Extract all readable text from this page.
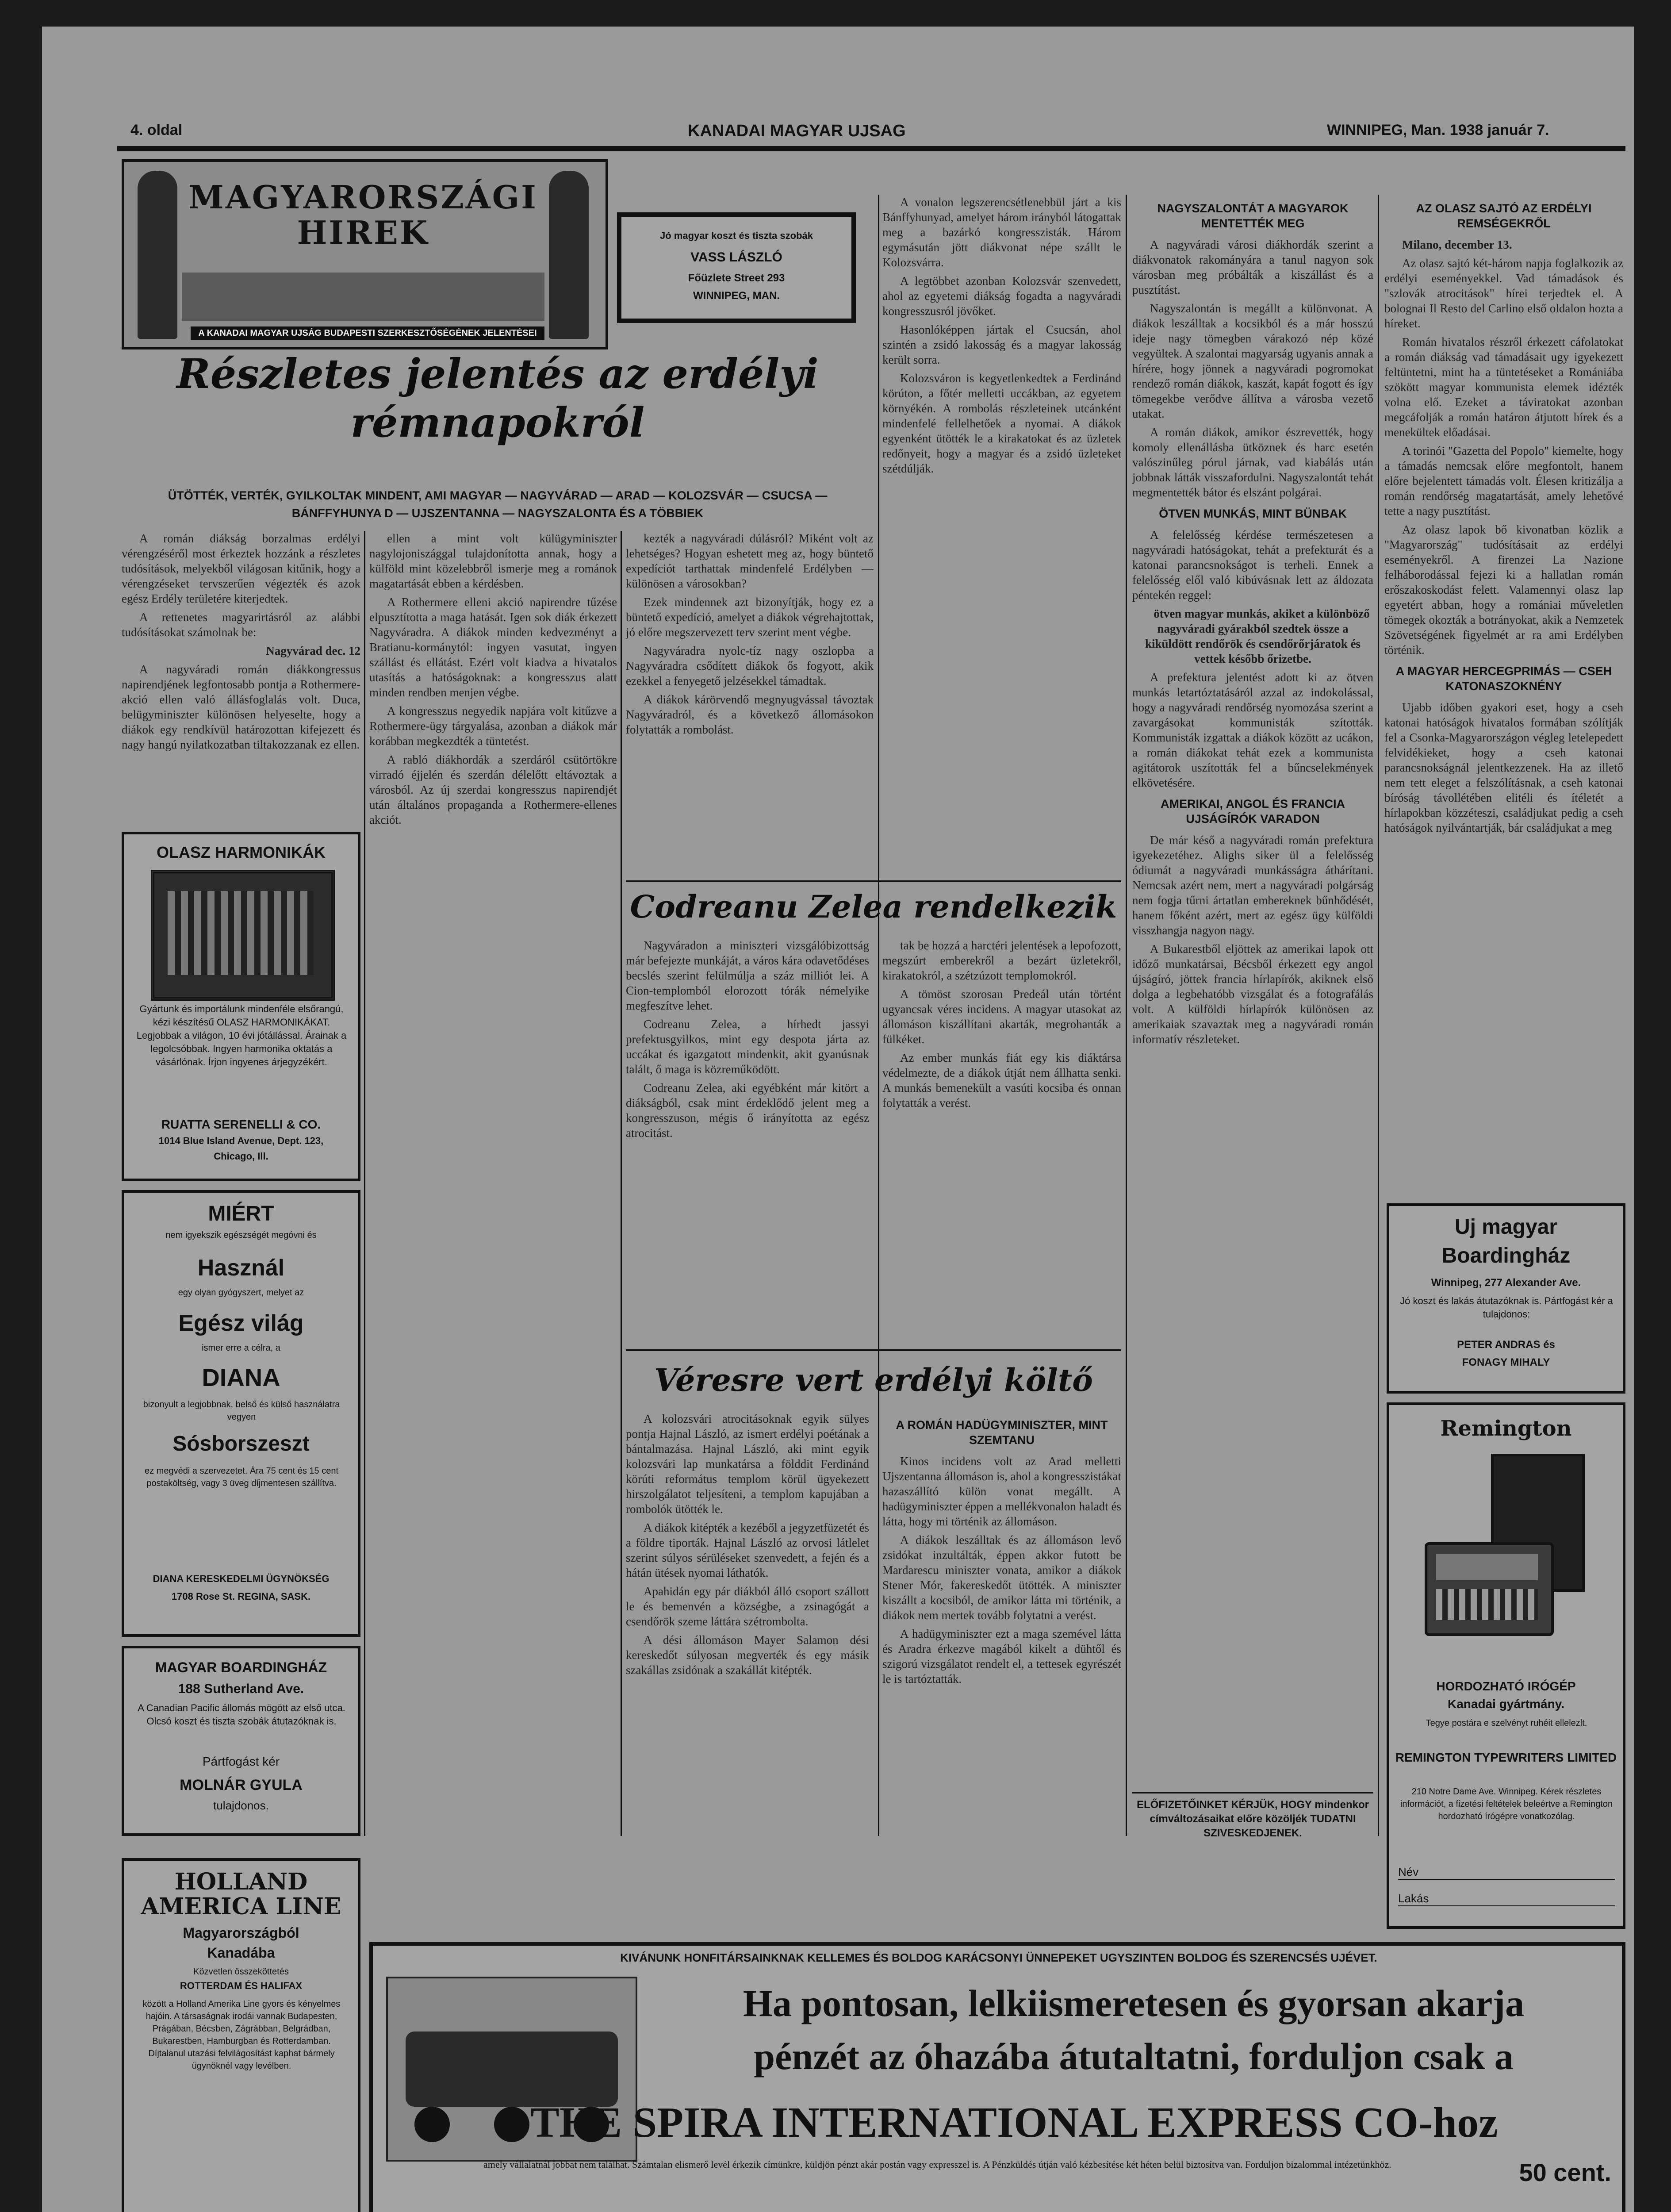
4. oldal	KANADAI MAGYAR UJSAG	WINNIPEG, Man. 1938 január 7.
MAGYARORSZÁGI HIREK
A KANADAI MAGYAR UJSÁG BUDAPESTI SZERKESZTŐSÉGÉNEK JELENTÉSEI
Jó magyar koszt és tiszta szobák
VASS LÁSZLÓ
Főüzlete Street 293
WINNIPEG, MAN.
Részletes jelentés az erdélyi rémnapokról
ÜTÖTTÉK, VERTÉK, GYILKOLTAK MINDENT, AMI MAGYAR — NAGYVÁRAD — ARAD — KOLOZSVÁR — CSUCSA — BÁNFFYHUNYA D — UJSZENTANNA — NAGYSZALONTA ÉS A TÖBBIEK

A román diákság borzalmas erdélyi vérengzéséről most érkeztek hozzánk a részletes tudósítások, melyekből világosan kitűnik, hogy a vérengzéseket tervszerűen végezték és azok egész Erdély területére kiterjedtek.

A rettenetes magyarirtásról az alábbi tudósításokat számolnak be:

Nagyvárad dec. 12

A nagyváradi román diákkongressus napirendjének legfontosabb pontja a Rothermere-akció ellen való állásfoglalás volt. Duca, belügyminiszter különösen helyeselte, hogy a diákok egy rendkívül határozottan kifejezett és nagy hangú nyilatkozatban tiltakozzanak ez ellen.

ellen a mint volt külügyminiszter nagylojoniszággal tulajdonította annak, hogy a külföld mint közelebbről ismerje meg a románok magatartását ebben a kérdésben.

A Rothermere elleni akció napirendre tűzése elpusztította a maga hatását. Igen sok diák érkezett Nagyváradra. A diákok minden kedvezményt a Bratianu-kormánytól: ingyen vasutat, ingyen szállást és ellátást. Ezért volt kiadva a hivatalos utasítás a hatóságoknak: a kongresszus alatt minden rendben menjen végbe.

A kongresszus negyedik napjára volt kitűzve a Rothermere-ügy tárgyalása, azonban a diákok már korábban megkezdték a tüntetést.

A rabló diákhordák a szerdáról csütörtökre virradó éjjelén és szerdán délelőtt eltávoztak a városból. Az új szerdai kongresszus napirendjét után általános propaganda a Rothermere-ellenes akciót.

kezték a nagyváradi dúlásról? Miként volt az lehetséges? Hogyan eshetett meg az, hogy büntető expedíciót tarthattak mindenfelé Erdélyben — különösen a városokban?

Ezek mindennek azt bizonyítják, hogy ez a büntető expedíció, amelyet a diákok végrehajtottak, jó előre megszervezett terv szerint ment végbe.

Nagyváradra nyolc-tíz nagy oszlopba a Nagyváradra csődített diákok ős fogyott, akik ezekkel a fenyegető jelzésekkel támadtak.

A diákok kárörvendő megnyugvással távoztak Nagyváradról, és a következő állomásokon folytatták a rombolást.

A vonalon legszerencsétlenebbül járt a kis Bánffyhunyad, amelyet három irányból látogattak meg a bazárkó kongresszisták. Három egymásután jött diákvonat népe szállt le Kolozsvárra.

A legtöbbet azonban Kolozsvár szenvedett, ahol az egyetemi diákság fogadta a nagyváradi kongresszusról jövőket.

Hasonlóképpen jártak el Csucsán, ahol szintén a zsidó lakosság és a magyar lakosság került sorra.

Kolozsváron is kegyetlenkedtek a Ferdinánd körúton, a főtér melletti uccákban, az egyetem környékén. A rombolás részleteinek utcánként mindenfelé fellelhetőek a nyomai. A diákok egyenként ütötték le a kirakatokat és az üzletek redőnyeit, hogy a magyar és a zsidó üzleteket szétdúlják.

Codreanu Zelea rendelkezik

Nagyváradon a miniszteri vizsgálóbizottság már befejezte munkáját, a város kára odavetődéses becslés szerint felülmúlja a száz milliót lei. A Cion-templomból elorozott tórák némelyike megfeszítve lehet.

Codreanu Zelea, a hírhedt jassyi prefektusgyilkos, mint egy despota járta az uccákat és igazgatott mindenkit, akit gyanúsnak talált, ő maga is közreműködött.

Codreanu Zelea, aki egyébként már kitört a diákságból, csak mint érdeklődő jelent meg a kongresszuson, mégis ő irányította az egész atrocitást.

tak be hozzá a harctéri jelentések a lepofozott, megszúrt emberekről a bezárt üzletekről, kirakatokról, a szétzúzott templomokról.

A tömöst szorosan Predeál után történt ugyancsak véres incidens. A magyar utasokat az állomáson kiszállítani akarták, megrohanták a fülkéket.

Az ember munkás fiát egy kis diáktársa védelmezte, de a diákok útját nem állhatta senki. A munkás bemenekült a vasúti kocsiba és onnan folytatták a verést.

Véresre vert erdélyi költő

A kolozsvári atrocitásoknak egyik sülyes pontja Hajnal László, az ismert erdélyi poétának a bántalmazása. Hajnal László, aki mint egyik kolozsvári lap munkatársa a földdit Ferdinánd körúti református templom körül ügyekezett hirszolgálatot teljesíteni, a templom kapujában a rombolók ütötték le.

A diákok kitépték a kezéből a jegyzetfüzetét és a földre tiporták. Hajnal László az orvosi látlelet szerint súlyos sérüléseket szenvedett, a fején és a hátán ütések nyomai láthatók.

Apahidán egy pár diákból álló csoport szállott le és bemenvén a községbe, a zsinagógát a csendőrök szeme láttára szétrombolta.

A dési állomáson Mayer Salamon dési kereskedőt súlyosan megverték és egy másik szakállas zsidónak a szakállát kitépték.

A ROMÁN HADÜGYMINISZTER, MINT SZEMTANU

Kinos incidens volt az Arad melletti Ujszentanna állomáson is, ahol a kongresszistákat hazaszállító külön vonat megállt. A hadügyminiszter éppen a mellékvonalon haladt és látta, hogy mi történik az állomáson.

A diákok leszálltak és az állomáson levő zsidókat inzultálták, éppen akkor futott be Mardarescu miniszter vonata, amikor a diákok Stener Mór, fakereskedőt ütötték. A miniszter kiszállt a kocsiból, de amikor látta mi történik, a diákok nem mertek tovább folytatni a verést.

A hadügyminiszter ezt a maga szemével látta és Aradra érkezve magából kikelt a dühtől és szigorú vizsgálatot rendelt el, a tettesek egyrészét le is tartóztatták.

NAGYSZALONTÁT A MAGYAROK MENTETTÉK MEG

A nagyváradi városi diákhordák szerint a diákvonatok rakományára a tanul nagyon sok városban meg próbálták a kiszállást és a pusztítást.

Nagyszalontán is megállt a különvonat. A diákok leszálltak a kocsikból és a már hosszú ideje nagy tömegben várakozó nép közé vegyültek. A szalontai magyarság ugyanis annak a hírére, hogy jönnek a nagyváradi pogromokat rendező román diákok, kaszát, kapát fogott és így tömegekbe verődve állítva a városba vezető utakat.

A román diákok, amikor észrevették, hogy komoly ellenállásba ütköznek és harc esetén valószinűleg pórul járnak, vad kiabálás után jobbnak látták visszafordulni. Nagyszalontát tehát megmentették bátor és elszánt polgárai.

ÖTVEN MUNKÁS, MINT BÜNBAK

A felelősség kérdése természetesen a nagyváradi hatóságokat, tehát a prefekturát és a katonai parancsnokságot is terheli. Ennek a felelősség elől való kibúvásnak lett az áldozata péntekén reggel:

ötven magyar munkás, akiket a különböző nagyváradi gyárakból szedtek össze a kiküldött rendőrök és csendőrőrjáratok és vettek később őrizetbe.

A prefektura jelentést adott ki az ötven munkás letartóztatásáról azzal az indokolással, hogy a nagyváradi rendőrség nyomozása szerint a zavargásokat kommunisták szították. Kommunisták izgattak a diákok között az ucákon, a román diákokat tehát ezek a kommunista agitátorok uszították fel a bűncselekmények elkövetésére.

AMERIKAI, ANGOL ÉS FRANCIA UJSÁGÍRÓK VARADON

De már késő a nagyváradi román prefektura igyekezetéhez. Alighs siker ül a felelősség ódiumát a nagyváradi munkásságra áthárítani. Nemcsak azért nem, mert a nagyváradi polgárság nem fogja tűrni ártatlan embereknek bűnhődését, hanem főként azért, mert az egész ügy külföldi visszhangja nagyon nagy.

A Bukarestből eljöttek az amerikai lapok ott időző munkatársai, Bécsből érkezett egy angol újságíró, jöttek francia hírlapírók, akiknek első dolga a legbehatóbb vizsgálat és a fotografálás volt. A külföldi hírlapírók különösen az amerikaiak szavaztak meg a nagyváradi román informatív részleteket.

ELŐFIZETŐINKET KÉRJÜK, HOGY mindenkor címváltozásaikat előre közöljék TUDATNI SZIVESKEDJENEK.
AZ OLASZ SAJTÓ AZ ERDÉLYI REMSÉGEKRŐL

Milano, december 13.

Az olasz sajtó két-három napja foglalkozik az erdélyi eseményekkel. Vad támadások és "szlovák atrocitások" hírei terjedtek el. A bolognai Il Resto del Carlino első oldalon hozta a híreket.

Román hivatalos részről érkezett cáfolatokat a román diákság vad támadásait ugy igyekezett feltüntetni, mint ha a tüntetéseket a Romániába szökött magyar kommunista elemek idézték volna elő. Ezeket a táviratokat azonban megcáfolják a román határon átjutott hírek és a menekültek előadásai.

A torinói "Gazetta del Popolo" kiemelte, hogy a támadás nemcsak előre megfontolt, hanem előre bejelentett támadás volt. Élesen kritizálja a román rendőrség magatartását, amely lehetővé tette a nagy pusztítást.

Az olasz lapok bő kivonatban közlik a "Magyarország" tudósításait az erdélyi eseményekről. A firenzei La Nazione felháborodással fejezi ki a hallatlan román erőszakoskodást felett. Valamennyi olasz lap egyetért abban, hogy a romániai műveletlen tömegek okozták a botrányokat, akik a Nemzetek Szövetségének figyelmét ar ra ami Erdélyben történik.

A MAGYAR HERCEGPRIMÁS — CSEH KATONASZOKNÉNY

Ujabb időben gyakori eset, hogy a cseh katonai hatóságok hivatalos formában szólítják fel a Csonka-Magyarországon végleg letelepedett felvidékieket, hogy a cseh katonai parancsnokságnál jelentkezzenek. Ha az illető nem tett eleget a felszólításnak, a cseh katonai bíróság távollétében elitéli és ítéletét a hírlapokban közzéteszi, családjukat pedig a cseh hatóságok nyilvántartják, bár családjukat a meg

OLASZ HARMONIKÁK
Gyártunk és importálunk mindenféle elsőrangú, kézi készítésű OLASZ HARMONIKÁKAT. Legjobbak a világon, 10 évi jótállással. Árainak a legolcsóbbak. Ingyen harmonika oktatás a vásárlónak. Írjon ingyenes árjegyzékért.
RUATTA SERENELLI & CO.
1014 Blue Island Avenue, Dept. 123,
Chicago, Ill.
MIÉRT
nem igyekszik egészségét megóvni és
Használ
egy olyan gyógyszert, melyet az
Egész világ
ismer erre a célra, a
DIANA
bizonyult a legjobbnak, belső és külső használatra vegyen
Sósborszeszt
ez megvédi a szervezetet. Ára 75 cent és 15 cent postaköltség, vagy 3 üveg díjmentesen szállítva.
DIANA KERESKEDELMI ÜGYNÖKSÉG
1708 Rose St. REGINA, SASK.
MAGYAR BOARDINGHÁZ
188 Sutherland Ave.
A Canadian Pacific állomás mögött az első utca. Olcsó koszt és tiszta szobák átutazóknak is.
Pártfogást kér
MOLNÁR GYULA
tulajdonos.
HOLLAND AMERICA LINE
Magyarországból
Kanadába
Közvetlen összeköttetés
ROTTERDAM ÉS HALIFAX
között a Holland Amerika Line gyors és kényelmes hajóin. A társaságnak irodái vannak Budapesten, Prágában, Bécsben, Zágrábban, Belgrádban, Bukarestben, Hamburgban és Rotterdamban. Díjtalanul utazási felvilágosítást kaphat bármely ügynöknél vagy levélben.
Uj magyar
Boardingház
Winnipeg, 277 Alexander Ave.
Jó koszt és lakás átutazóknak is. Pártfogást kér a tulajdonos:
PETER ANDRAS és
FONAGY MIHALY
Remington
HORDOZHATÓ IRÓGÉP
Kanadai gyártmány.
Tegye postára e szelvényt ruhéit ellelezlt.
REMINGTON TYPEWRITERS LIMITED
210 Notre Dame Ave. Winnipeg. Kérek részletes információt, a fizetési feltételek beleértve a Remington hordozható írógépre vonatkozólag.
Név
Lakás
KIVÁNUNK HONFITÁRSAINKNAK KELLEMES ÉS BOLDOG KARÁCSONYI ÜNNEPEKET UGYSZINTEN BOLDOG ÉS SZERENCSÉS UJÉVET.
Ha pontosan, lelkiismeretesen és gyorsan akarja
pénzét az óhazába átutaltatni, forduljon csak a
THE SPIRA INTERNATIONAL EXPRESS CO-hoz
amely vállalatnál jobbat nem találhat. Számtalan elismerő levél érkezik címünkre, küldjön pénzt akár postán vagy expresszel is. A Pénzküldés útján való kézbesítése két héten belül biztosítva van. Forduljon bizalommal intézetünkhöz.	50 cent.
